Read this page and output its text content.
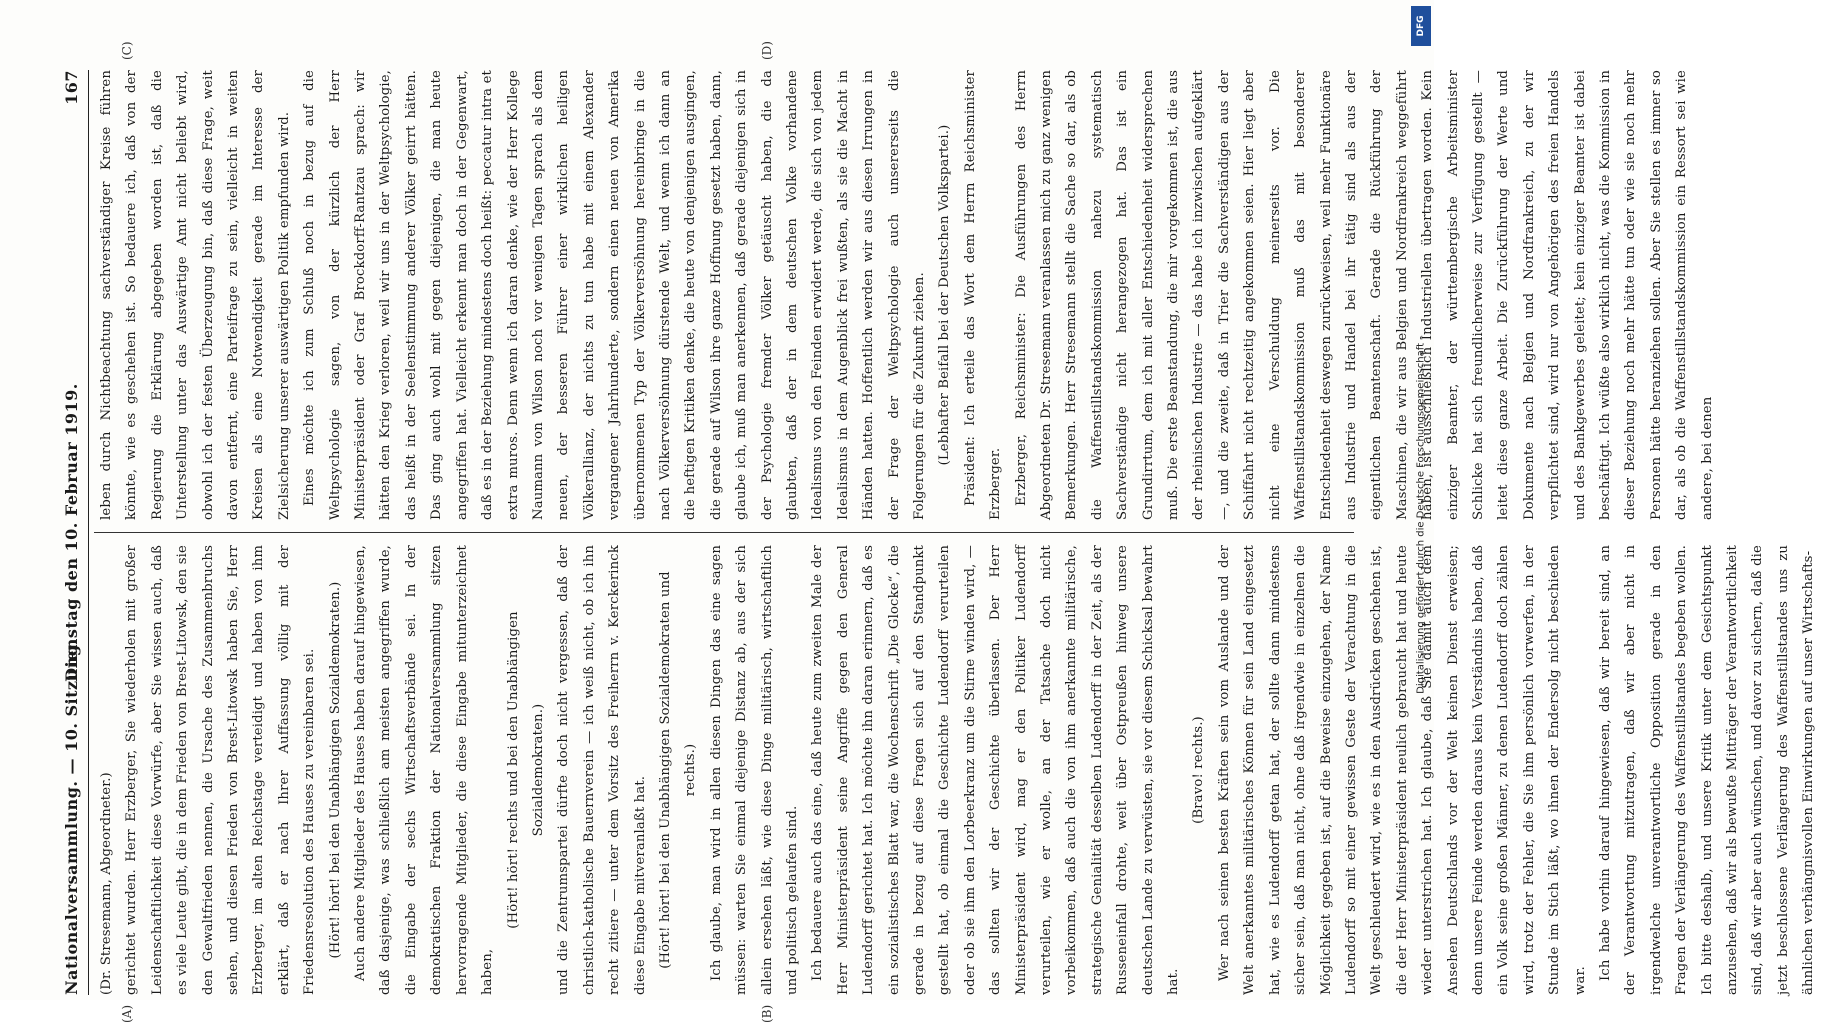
Nationalversammlung. — 10. Sitzung.
Dienstag den 10. Februar 1919.
167
(A)	(B)
(C)	(D)

(Dr. Stresemann, Abgeordneter.) gerichtet wurden. Herr Erzberger, Sie wiederholen mit großer Leidenschaftlichkeit diese Vorwürfe, aber Sie wissen auch, daß es viele Leute gibt, die in dem Frieden von Brest-Litowsk, den sie den Gewaltfrieden nennen, die Ursache des Zusammenbruchs sehen, und diesen Frieden von Brest-Litowsk haben Sie, Herr Erzberger, im alten Reichstage verteidigt und haben von ihm erklärt, daß er nach Ihrer Auffassung völlig mit der Friedensresolution des Hauses zu vereinbaren sei. (Hört! hört! bei den Unabhängigen Sozialdemokraten.) Auch andere Mitglieder des Hauses haben darauf hingewiesen, daß dasjenige, was schließlich am meisten angegriffen wurde, die Eingabe der sechs Wirtschaftsverbände sei. In der demokratischen Fraktion der Nationalversammlung sitzen hervorragende Mitglieder, die diese Eingabe mitunterzeichnet haben,

(Hört! hört! rechts und bei den Unabhängigen Sozialdemokraten.) und die Zentrumspartei dürfte doch nicht vergessen, daß der christlich-katholische Bauernverein — ich weiß nicht, ob ich ihn recht zitiere — unter dem Vorsitz des Freiherrn v. Kerckerinck diese Eingabe mitveranlaßt hat. (Hört! hört! bei den Unabhängigen Sozialdemokraten und rechts.) Ich glaube, man wird in allen diesen Dingen das eine sagen müssen: warten Sie einmal diejenige Distanz ab, aus der sich allein ersehen läßt, wie diese Dinge militärisch, wirtschaftlich und politisch gelaufen sind. Ich bedauere auch das eine, daß heute zum zweiten Male der Herr Ministerpräsident seine Angriffe gegen den General Ludendorff gerichtet hat. Ich möchte ihn daran erinnern, daß es ein sozialistisches Blatt war, die Wochenschrift „Die Glocke“, die gerade in bezug auf diese Fragen sich auf den Standpunkt gestellt hat, ob einmal die Geschichte Ludendorff verurteilen oder ob sie ihm den Lorbeerkranz um die Stirne winden wird, — das sollten wir der Geschichte überlassen. Der Herr Ministerpräsident wird, mag er den Politiker Ludendorff verurteilen, wie er wolle, an der Tatsache doch nicht vorbeikommen, daß auch die von ihm anerkannte militärische, strategische Genialität desselben Ludendorff in der Zeit, als der Russeneinfall drohte, weit über Ostpreußen hinweg unsere deutschen Lande zu verwüsten, sie vor diesem Schicksal bewahrt hat.

(Bravo! rechts.) Wer nach seinen besten Kräften sein vom Auslande und der Welt anerkanntes militärisches Können für sein Land eingesetzt hat, wie es Ludendorff getan hat, der sollte dann mindestens sicher sein, daß man nicht, ohne daß irgendwie in einzelnen die Möglichkeit gegeben ist, auf die Beweise einzugehen, der Name Ludendorff so mit einer gewissen Geste der Verachtung in die Welt geschleudert wird, wie es in den Ausdrücken geschehen ist, die der Herr Ministerpräsident neulich gebraucht hat und heute wieder unterstrichen hat. Ich glaube, daß Sie damit auch dem Ansehen Deutschlands vor der Welt keinen Dienst erweisen; denn unsere Feinde werden daraus kein Verständnis haben, daß ein Volk seine großen Männer, zu denen Ludendorff doch zählen wird, trotz der Fehler, die Sie ihm persönlich vorwerfen, in der Stunde im Stich läßt, wo ihnen der Endersolg nicht beschieden war. Ich habe vorhin darauf hingewiesen, daß wir bereit sind, an der Verantwortung mitzutragen, daß wir aber nicht in irgendwelche unverantwortliche Opposition gerade in den Fragen der Verlängerung des Waffenstillstandes begeben wollen. Ich bitte deshalb, und unsere Kritik unter dem Gesichtspunkt anzusehen, daß wir als bewußte Mitträger der Verantwortlichkeit sind, daß wir aber auch wünschen, und davor zu sichern, daß die jetzt beschlossene Verlängerung des Waffenstillstandes uns zu ähnlichen verhängnisvollen Einwirkungen auf unser Wirtschafts-

leben durch Nichtbeachtung sachverständiger Kreise führen könnte, wie es geschehen ist. So bedauere ich, daß von der Regierung die Erklärung abgegeben worden ist, daß die Unterstellung unter das Auswärtige Amt nicht beliebt wird, obwohl ich der festen Überzeugung bin, daß diese Frage, weit davon entfernt, eine Parteifrage zu sein, vielleicht in weiten Kreisen als eine Notwendigkeit gerade im Interesse der Zielsicherung unserer auswärtigen Politik empfunden wird. Eines möchte ich zum Schluß noch in bezug auf die Weltpsychologie sagen, von der kürzlich der Herr Ministerpräsident oder Graf Brockdorff-Rantzau sprach: wir hätten den Krieg verloren, weil wir uns in der Weltpsychologie, das heißt in der Seelenstimmung anderer Völker geirrt hätten. Das ging auch wohl mit gegen diejenigen, die man heute angegriffen hat. Vielleicht erkennt man doch in der Gegenwart, daß es in der Beziehung mindestens doch heißt: peccatur intra et extra muros. Denn wenn ich daran denke, wie der Herr Kollege Naumann von Wilson noch vor wenigen Tagen sprach als dem neuen, der besseren Führer einer wirklichen heiligen Völkerallianz, der nichts zu tun habe mit einem Alexander vergangener Jahrhunderte, sondern einen neuen von Amerika übernommenen Typ der Völkerversöhnung hereinbringe in die nach Völkerversöhnung dürstende Welt, und wenn ich dann an die heftigen Kritiken denke, die heute von denjenigen ausgingen, die gerade auf Wilson ihre ganze Hoffnung gesetzt haben, dann, glaube ich, muß man anerkennen, daß gerade diejenigen sich in der Psychologie fremder Völker getäuscht haben, die da glaubten, daß der in dem deutschen Volke vorhandene Idealismus von den Feinden erwidert werde, die sich von jedem Idealismus in dem Augenblick frei wußten, als sie die Macht in Händen hatten. Hoffentlich werden wir aus diesen Irrungen in der Frage der Weltpsychologie auch unsererseits die Folgerungen für die Zukunft ziehen. (Lebhafter Beifall bei der Deutschen Volkspartei.) Präsident: Ich erteile das Wort dem Herrn Reichsminister Erzberger. Erzberger, Reichsminister: Die Ausführungen des Herrn Abgeordneten Dr. Stresemann veranlassen mich zu ganz wenigen Bemerkungen. Herr Stresemann stellt die Sache so dar, als ob die Waffenstillstandskommission nahezu systematisch Sachverständige nicht herangezogen hat. Das ist ein Grundirrtum, dem ich mit aller Entschiedenheit widersprechen muß. Die erste Beanstandung, die mir vorgekommen ist, die aus der rheinischen Industrie — das habe ich inzwischen aufgeklärt —, und die zweite, daß in Trier die Sachverständigen aus der Schiffahrt nicht rechtzeitig angekommen seien. Hier liegt aber nicht eine Verschuldung meinerseits vor. Die Waffenstillstandskommission muß das mit besonderer Entschiedenheit deswegen zurückweisen, weil mehr Funktionäre aus Industrie und Handel bei ihr tätig sind als aus der eigentlichen Beamtenschaft. Gerade die Rückführung der Maschinen, die wir aus Belgien und Nordfrankreich weggeführt haben, ist ausschließlich Industriellen übertragen worden. Kein einziger Beamter, der württembergische Arbeitsminister Schlicke hat sich freundlicherweise zur Verfügung gestellt — leitet diese ganze Arbeit. Die Zurückführung der Werte und Dokumente nach Belgien und Nordfrankreich, zu der wir verpflichtet sind, wird nur von Angehörigen des freien Handels und des Bankgewerbes geleitet; kein einziger Beamter ist dabei beschäftigt. Ich wüßte also wirklich nicht, was die Kommission in dieser Beziehung noch mehr hätte tun oder wie sie noch mehr Personen hätte heranziehen sollen. Aber Sie stellen es immer so dar, als ob die Waffenstillstandskommission ein Ressort sei wie andere, bei denen

DFG
Digitalisierung gefördert durch die Deutsche Forschungsgemeinschaft -
